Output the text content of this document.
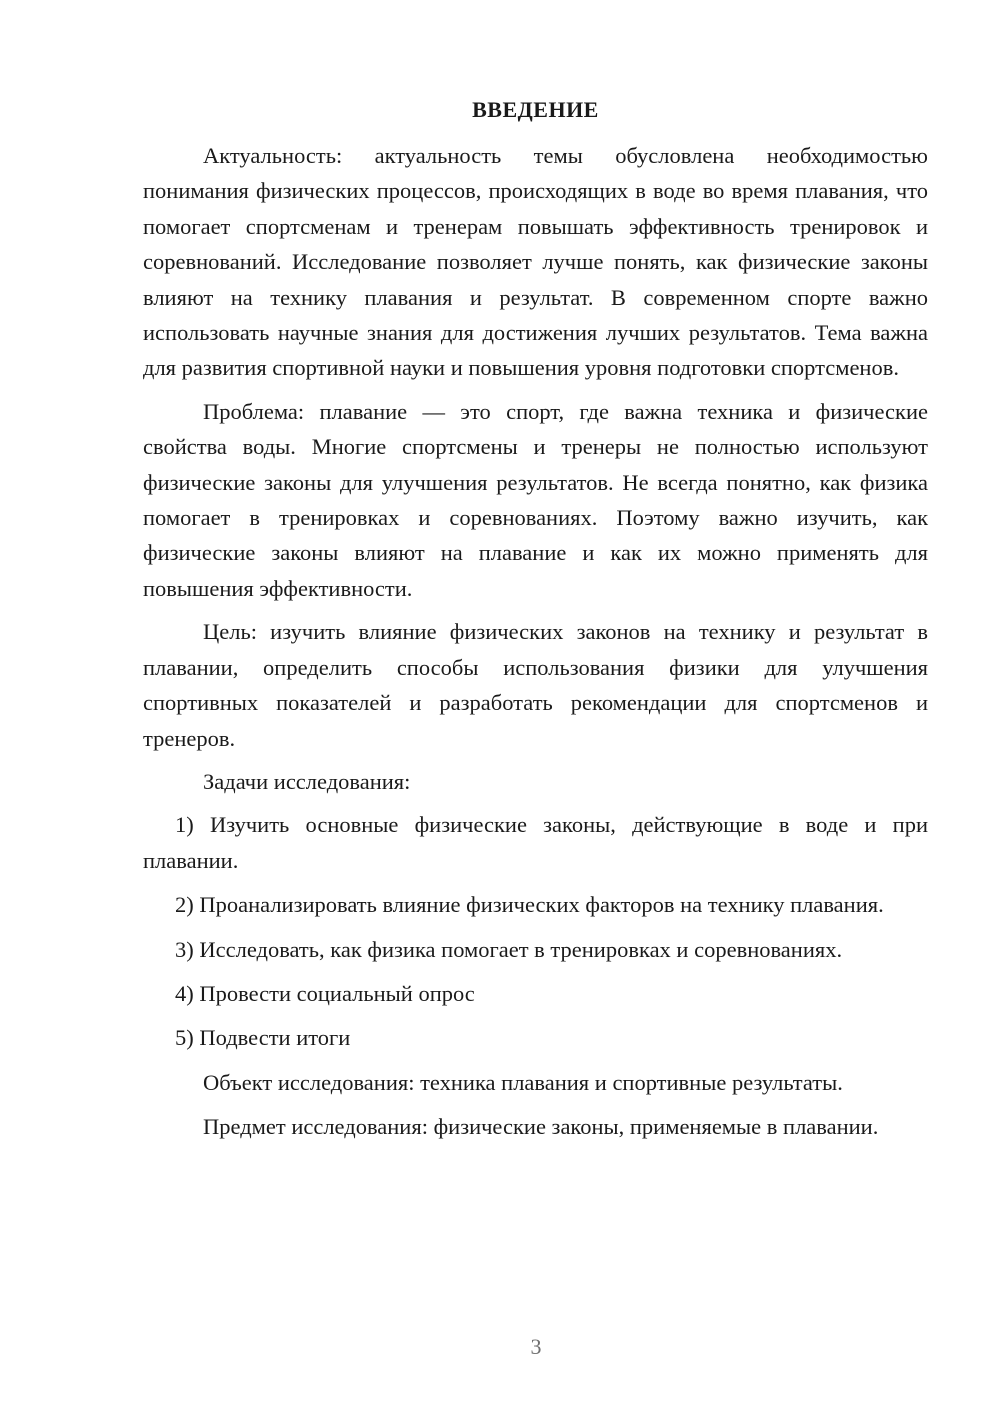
ВВЕДЕНИЕ

Актуальность: актуальность темы обусловлена необходимостью понимания физических процессов, происходящих в воде во время плавания, что помогает спортсменам и тренерам повышать эффективность тренировок и соревнований. Исследование позволяет лучше понять, как физические законы влияют на технику плавания и результат. В современном спорте важно использовать научные знания для достижения лучших результатов. Тема важна для развития спортивной науки и повышения уровня подготовки спортсменов.

Проблема: плавание — это спорт, где важна техника и физические свойства воды. Многие спортсмены и тренеры не полностью используют физические законы для улучшения результатов. Не всегда понятно, как физика помогает в тренировках и соревнованиях. Поэтому важно изучить, как физические законы влияют на плавание и как их можно применять для повышения эффективности.

Цель: изучить влияние физических законов на технику и результат в плавании, определить способы использования физики для улучшения спортивных показателей и разработать рекомендации для спортсменов и тренеров.

Задачи исследования:

1) Изучить основные физические законы, действующие в воде и при плавании.

2) Проанализировать влияние физических факторов на технику плавания.

3) Исследовать, как физика помогает в тренировках и соревнованиях.

4) Провести социальный опрос

5) Подвести итоги

Объект исследования: техника плавания и спортивные результаты.

Предмет исследования: физические законы, применяемые в плавании.

3
